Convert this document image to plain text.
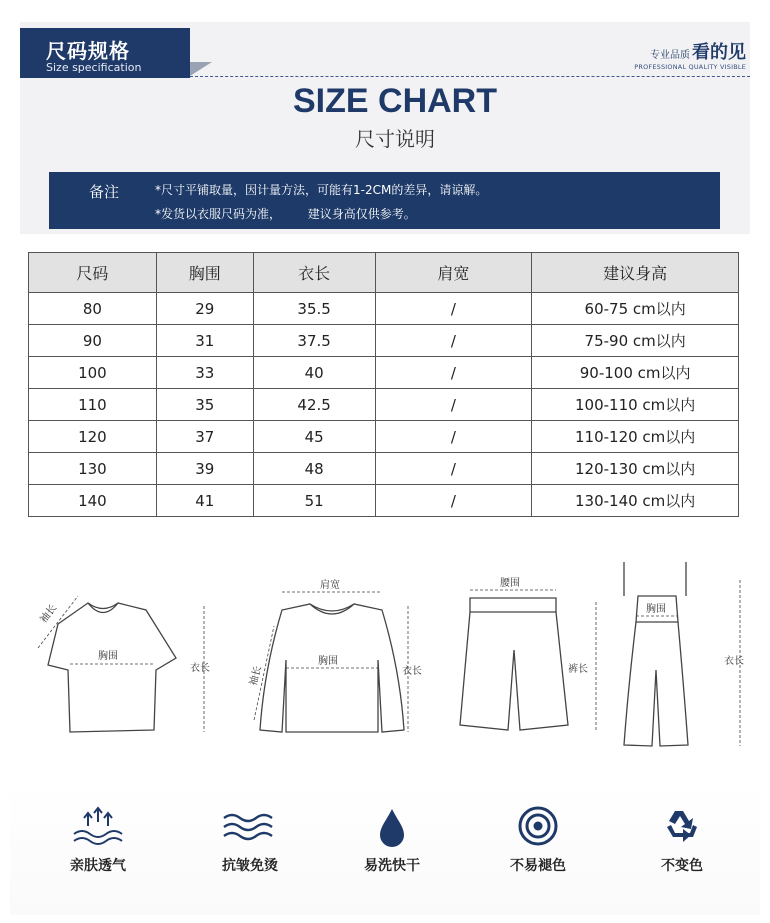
尺码规格
Size specification
专业品质 看的见
PROFESSIONAL QUALITY VISIBLE
SIZE CHART
尺寸说明
备注	*尺寸平铺取量，因计量方法，可能有1-2CM的差异，请谅解。
*发货以衣服尺码为准，       建议身高仅供参考。
尺码	胸围	衣长	肩宽	建议身高
80	29	35.5	/	60-75 cm以内
90	31	37.5	/	75-90 cm以内
100	33	40	/	90-100 cm以内
110	35	42.5	/	100-110 cm以内
120	37	45	/	110-120 cm以内
130	39	48	/	120-130 cm以内
140	41	51	/	130-140 cm以内
胸围
衣长
袖长
肩宽
胸围
衣长
袖长
腰围
裤长
胸围
衣长
亲肤透气	抗皱免烫	易洗快干	不易褪色	不变色
